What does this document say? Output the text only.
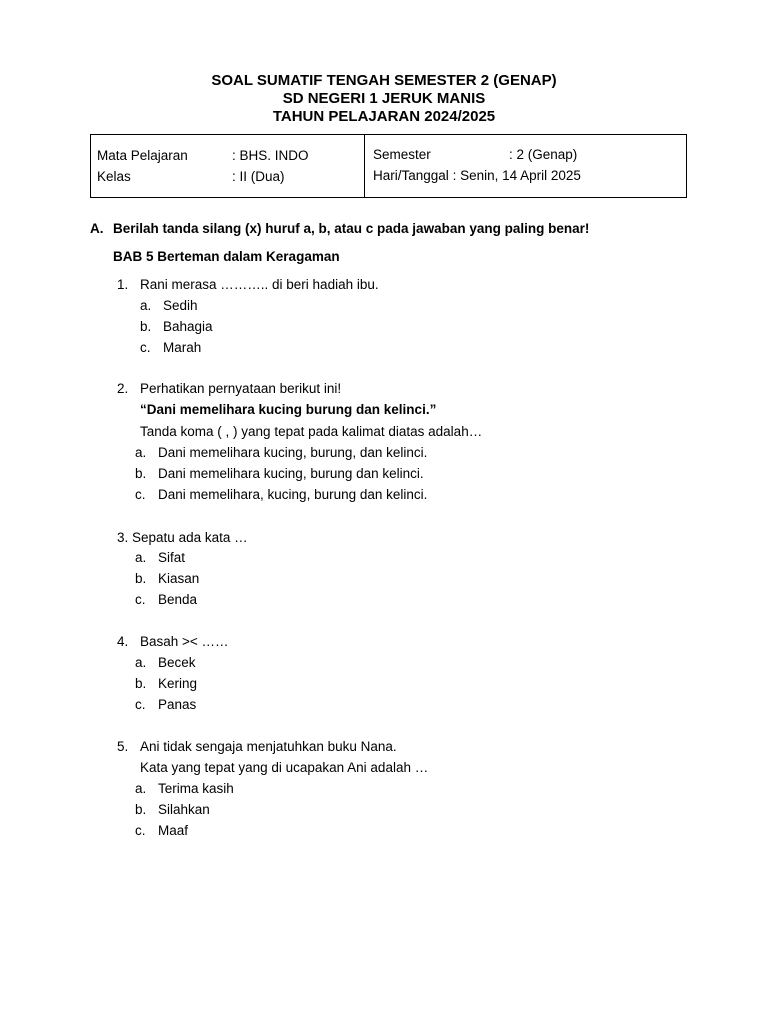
SOAL SUMATIF TENGAH SEMESTER 2 (GENAP)
SD NEGERI 1 JERUK MANIS
TAHUN PELAJARAN 2024/2025
Mata Pelajaran	: BHS. INDO
Kelas	: II (Dua)
Semester	: 2 (Genap)
Hari/Tanggal : Senin, 14 April 2025
A. Berilah tanda silang (x) huruf a, b, atau c pada jawaban yang paling benar!
BAB 5 Berteman dalam Keragaman
1. Rani merasa ……….. di beri hadiah ibu.
a. Sedih
b. Bahagia
c. Marah
2. Perhatikan pernyataan berikut ini!
“Dani memelihara kucing burung dan kelinci.”
Tanda koma ( , ) yang tepat pada kalimat diatas adalah…
a. Dani memelihara kucing, burung, dan kelinci.
b. Dani memelihara kucing, burung dan kelinci.
c. Dani memelihara, kucing, burung dan kelinci.
3. Sepatu ada kata …
a. Sifat
b. Kiasan
c. Benda
4. Basah >< ……
a. Becek
b. Kering
c. Panas
5. Ani tidak sengaja menjatuhkan buku Nana.
Kata yang tepat yang di ucapakan Ani adalah …
a. Terima kasih
b. Silahkan
c. Maaf
